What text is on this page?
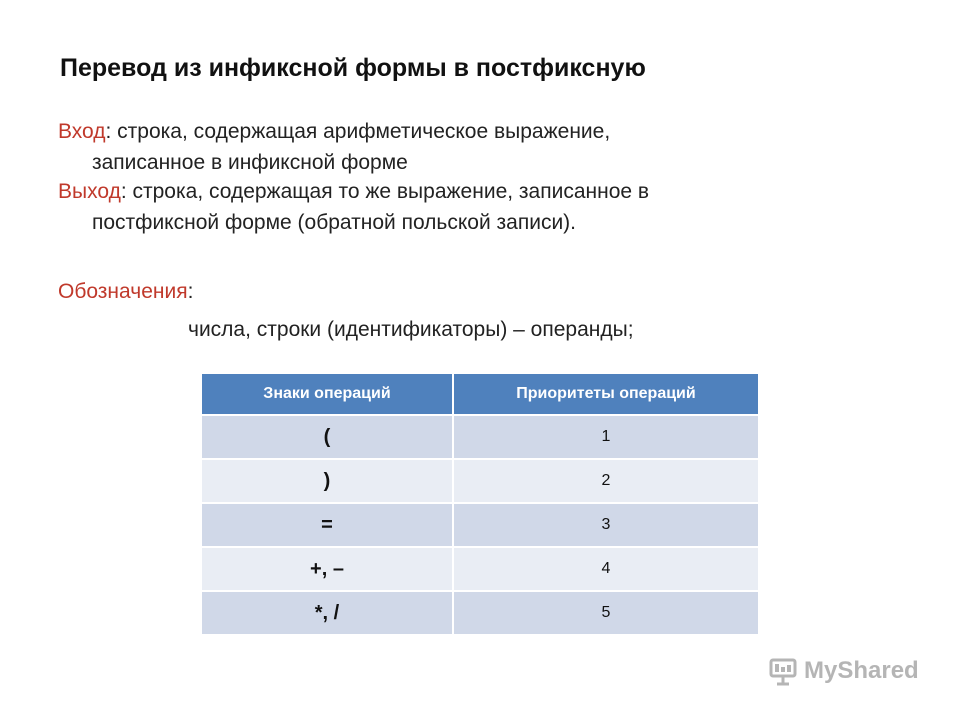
Перевод из инфиксной формы в постфиксную
Вход: строка, содержащая арифметическое выражение,
записанное в инфиксной форме
Выход: строка, содержащая то же выражение, записанное в
постфиксной форме (обратной польской записи).
Обозначения:
числа, строки (идентификаторы) – операнды;
Знаки операций	Приоритеты операций
(	1
)	2
=	3
+, –	4
*, /	5
MyShared
